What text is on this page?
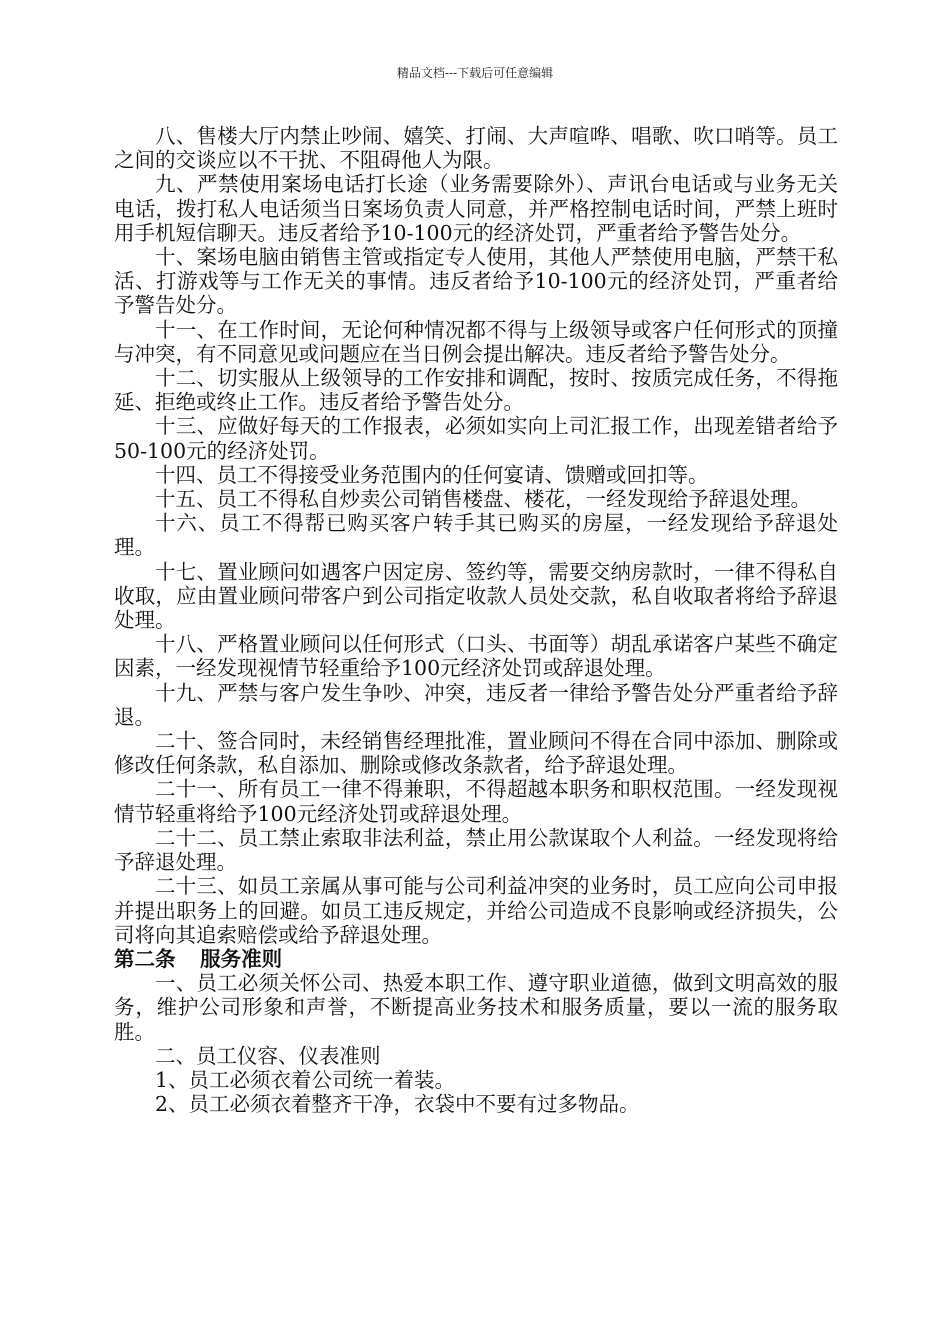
精品文档---下载后可任意编辑

八、售楼大厅内禁止吵闹、嬉笑、打闹、大声喧哗、唱歌、吹口哨等。员工之间的交谈应以不干扰、不阻碍他人为限。

九、严禁使用案场电话打长途（业务需要除外）、声讯台电话或与业务无关电话，拨打私人电话须当日案场负责人同意，并严格控制电话时间，严禁上班时用手机短信聊天。违反者给予10-100元的经济处罚，严重者给予警告处分。

十、案场电脑由销售主管或指定专人使用，其他人严禁使用电脑，严禁干私活、打游戏等与工作无关的事情。违反者给予10-100元的经济处罚，严重者给予警告处分。

十一、在工作时间，无论何种情况都不得与上级领导或客户任何形式的顶撞与冲突，有不同意见或问题应在当日例会提出解决。违反者给予警告处分。

十二、切实服从上级领导的工作安排和调配，按时、按质完成任务，不得拖延、拒绝或终止工作。违反者给予警告处分。

十三、应做好每天的工作报表，必须如实向上司汇报工作，出现差错者给予50-100元的经济处罚。

十四、员工不得接受业务范围内的任何宴请、馈赠或回扣等。

十五、员工不得私自炒卖公司销售楼盘、楼花，一经发现给予辞退处理。

十六、员工不得帮已购买客户转手其已购买的房屋，一经发现给予辞退处理。

十七、置业顾问如遇客户因定房、签约等，需要交纳房款时，一律不得私自收取，应由置业顾问带客户到公司指定收款人员处交款，私自收取者将给予辞退处理。

十八、严格置业顾问以任何形式（口头、书面等）胡乱承诺客户某些不确定因素，一经发现视情节轻重给予100元经济处罚或辞退处理。

十九、严禁与客户发生争吵、冲突，违反者一律给予警告处分严重者给予辞退。

二十、签合同时，未经销售经理批准，置业顾问不得在合同中添加、删除或修改任何条款，私自添加、删除或修改条款者，给予辞退处理。

二十一、所有员工一律不得兼职，不得超越本职务和职权范围。一经发现视情节轻重将给予100元经济处罚或辞退处理。

二十二、员工禁止索取非法利益，禁止用公款谋取个人利益。一经发现将给予辞退处理。

二十三、如员工亲属从事可能与公司利益冲突的业务时，员工应向公司申报并提出职务上的回避。如员工违反规定，并给公司造成不良影响或经济损失，公司将向其追索赔偿或给予辞退处理。

第二条 服务准则

一、员工必须关怀公司、热爱本职工作、遵守职业道德，做到文明高效的服务，维护公司形象和声誉，不断提高业务技术和服务质量，要以一流的服务取胜。

二、员工仪容、仪表准则

1、员工必须衣着公司统一着装。

2、员工必须衣着整齐干净，衣袋中不要有过多物品。
